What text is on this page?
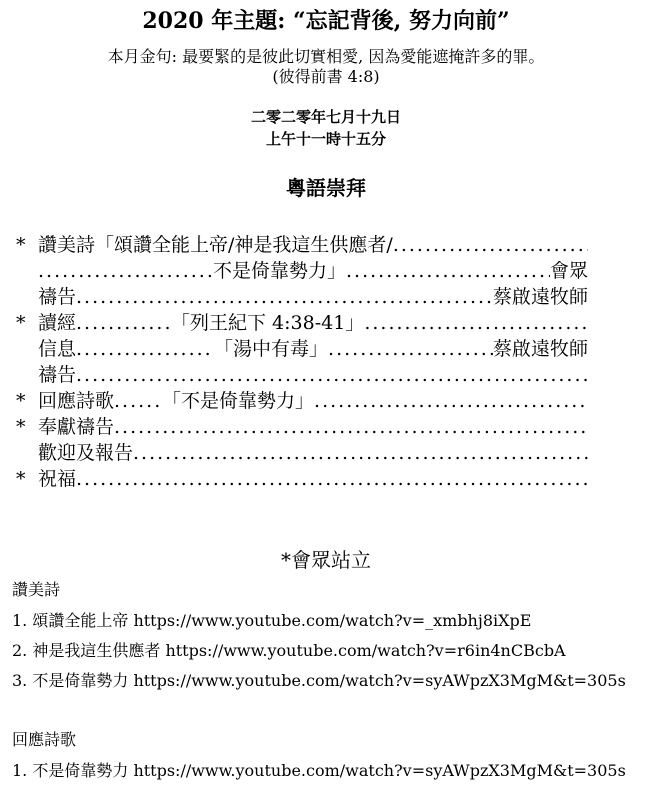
2020 年主題: “忘記背後, 努力向前”
本月金句: 最要緊的是彼此切實相愛, 因為愛能遮掩許多的罪。
(彼得前書 4:8)
二零二零年七月十九日
上午十一時十五分
粵語崇拜
* 讚美詩「頌讚全能上帝/神是我這生供應者/
.....
.....
不是倚靠勢力」 .....	會眾
禱告 .....	蔡啟遠牧師
* 讀經 .....	「列王紀下 4:38-41」
.....
信息 .....	「湯中有毒」 .....	蔡啟遠牧師
禱告
.....
* 回應詩歌 .....	「不是倚靠勢力」
.....
* 奉獻禱告
.....
歡迎及報告
.....
* 祝福
.....
*會眾站立
讚美詩
1. 頌讚全能上帝 https://www.youtube.com/watch?v=_xmbhj8iXpE
2. 神是我這生供應者 https://www.youtube.com/watch?v=r6in4nCBcbA
3. 不是倚靠勢力 https://www.youtube.com/watch?v=syAWpzX3MgM&t=305s
回應詩歌
1. 不是倚靠勢力 https://www.youtube.com/watch?v=syAWpzX3MgM&t=305s
